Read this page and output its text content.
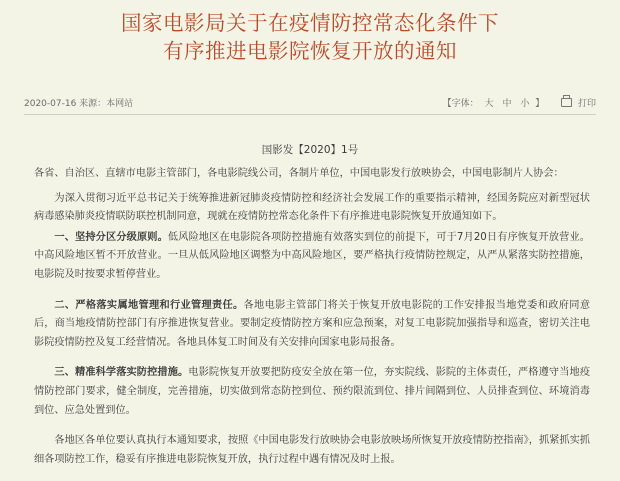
国家电影局关于在疫情防控常态化条件下
有序推进电影院恢复开放的通知
2020-07-16 来源：本网站	【字体： 大 中 小 】	打印
国影发【2020】1号

各省、自治区、直辖市电影主管部门，各电影院线公司，各制片单位，中国电影发行放映协会，中国电影制片人协会：

为深入贯彻习近平总书记关于统筹推进新冠肺炎疫情防控和经济社会发展工作的重要指示精神，经国务院应对新型冠状病毒感染肺炎疫情联防联控机制同意，现就在疫情防控常态化条件下有序推进电影院恢复开放通知如下。

一、坚持分区分级原则。低风险地区在电影院各项防控措施有效落实到位的前提下，可于7月20日有序恢复开放营业。中高风险地区暂不开放营业。一旦从低风险地区调整为中高风险地区，要严格执行疫情防控规定，从严从紧落实防控措施，电影院及时按要求暂停营业。

二、严格落实属地管理和行业管理责任。各地电影主管部门将关于恢复开放电影院的工作安排报当地党委和政府同意后，商当地疫情防控部门有序推进恢复营业。要制定疫情防控方案和应急预案，对复工电影院加强指导和巡查，密切关注电影院疫情防控及复工经营情况。各地具体复工时间及有关安排向国家电影局报备。

三、精准科学落实防控措施。电影院恢复开放要把防疫安全放在第一位，夯实院线、影院的主体责任，严格遵守当地疫情防控部门要求，健全制度，完善措施，切实做到常态防控到位、预约限流到位、排片间隔到位、人员排查到位、环境消毒到位、应急处置到位。

各地区各单位要认真执行本通知要求，按照《中国电影发行放映协会电影放映场所恢复开放疫情防控指南》，抓紧抓实抓细各项防控工作，稳妥有序推进电影院恢复开放，执行过程中遇有情况及时上报。
